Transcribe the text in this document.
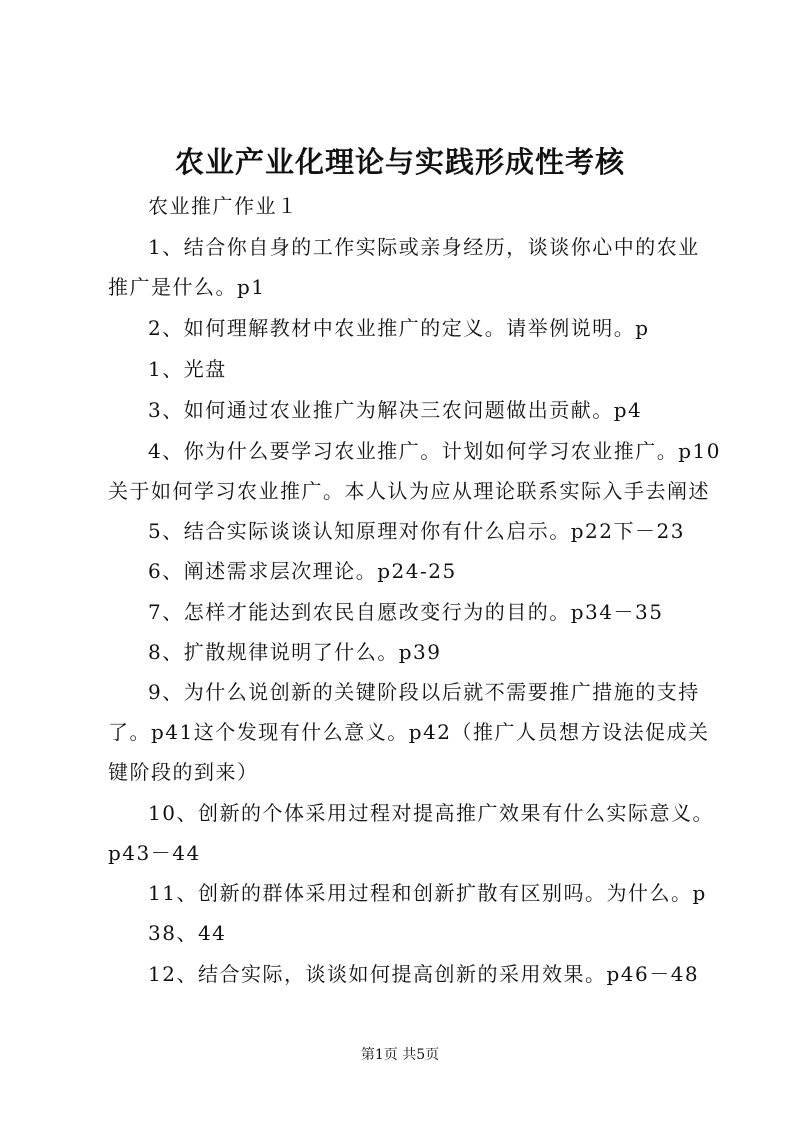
农业产业化理论与实践形成性考核
农业推广作业１
1、结合你自身的工作实际或亲身经历，谈谈你心中的农业
推广是什么。p1
2、如何理解教材中农业推广的定义。请举例说明。p
1、光盘
3、如何通过农业推广为解决三农问题做出贡献。p4
4、你为什么要学习农业推广。计划如何学习农业推广。p10
关于如何学习农业推广。本人认为应从理论联系实际入手去阐述
5、结合实际谈谈认知原理对你有什么启示。p22下－23
6、阐述需求层次理论。p24-25
7、怎样才能达到农民自愿改变行为的目的。p34－35
8、扩散规律说明了什么。p39
9、为什么说创新的关键阶段以后就不需要推广措施的支持
了。p41这个发现有什么意义。p42（推广人员想方设法促成关
键阶段的到来）
10、创新的个体采用过程对提高推广效果有什么实际意义。
p43－44
11、创新的群体采用过程和创新扩散有区别吗。为什么。p
38、44
12、结合实际，谈谈如何提高创新的采用效果。p46－48
第1页 共5页
